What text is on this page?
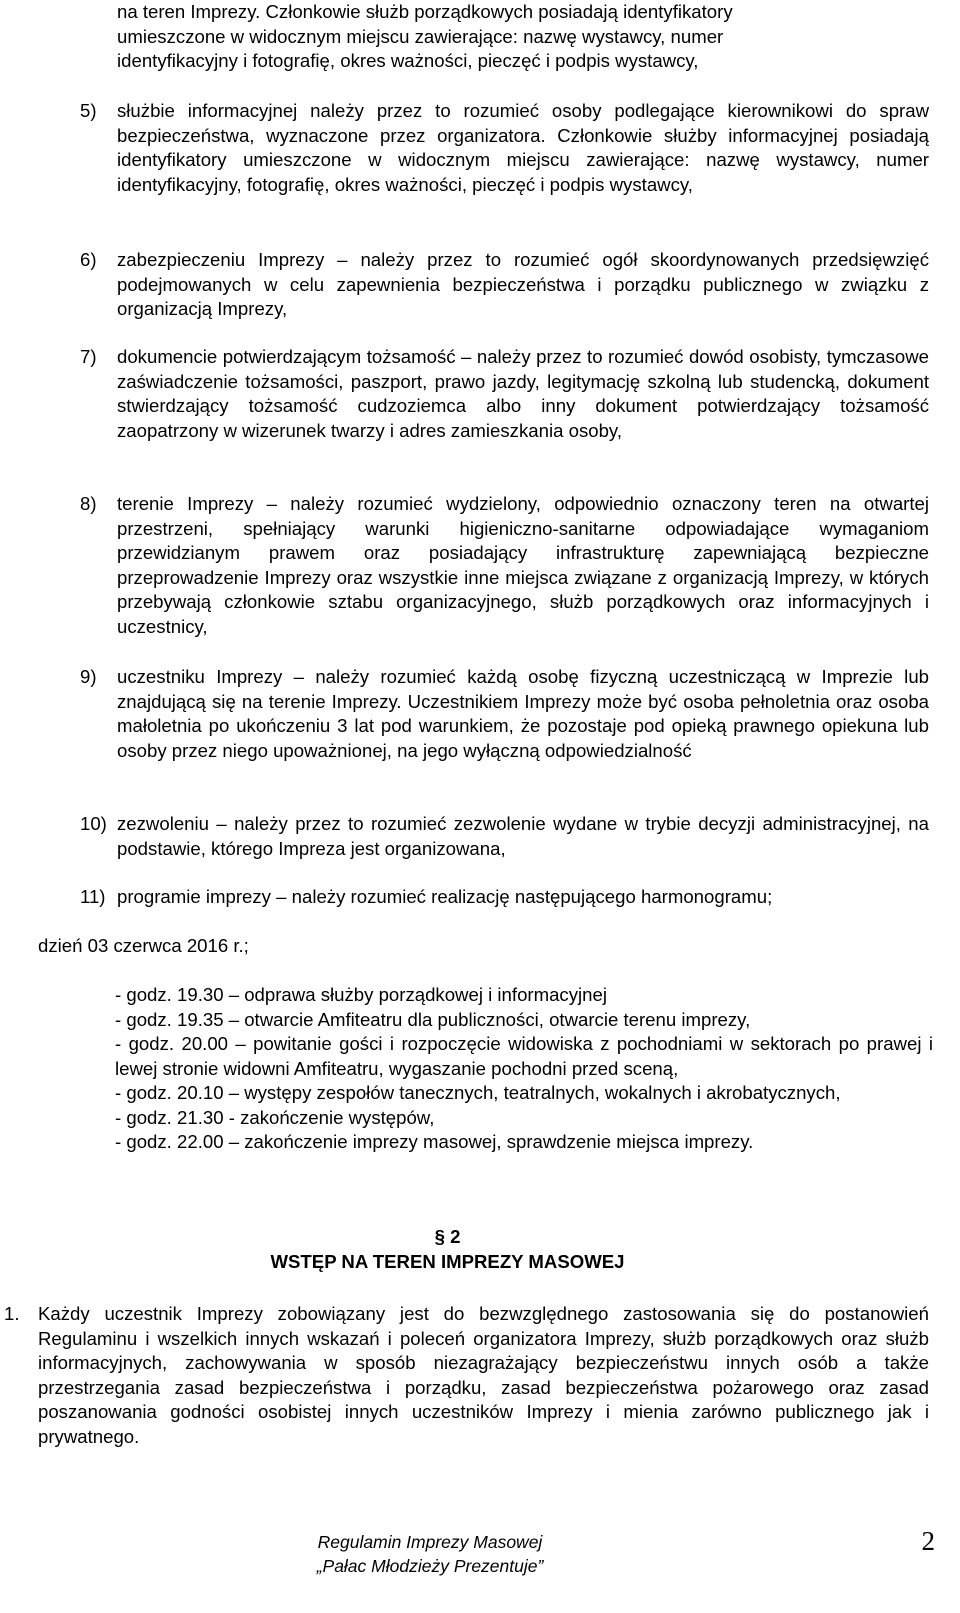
na teren Imprezy. Członkowie służb porządkowych posiadają identyfikatory
umieszczone w widocznym miejscu zawierające: nazwę wystawcy, numer
identyfikacyjny i fotografię, okres ważności, pieczęć i podpis wystawcy,
5) służbie informacyjnej należy przez to rozumieć osoby podlegające kierownikowi do spraw bezpieczeństwa, wyznaczone przez organizatora. Członkowie służby informacyjnej posiadają identyfikatory umieszczone w widocznym miejscu zawierające: nazwę wystawcy, numer identyfikacyjny, fotografię, okres ważności, pieczęć i podpis wystawcy,

6) zabezpieczeniu Imprezy – należy przez to rozumieć ogół skoordynowanych przedsięwzięć podejmowanych w celu zapewnienia bezpieczeństwa i porządku publicznego w związku z organizacją Imprezy,

7) dokumencie potwierdzającym tożsamość – należy przez to rozumieć dowód osobisty, tymczasowe zaświadczenie tożsamości, paszport, prawo jazdy, legitymację szkolną lub studencką, dokument stwierdzający tożsamość cudzoziemca albo inny dokument potwierdzający tożsamość zaopatrzony w wizerunek twarzy i adres zamieszkania osoby,

8) terenie Imprezy – należy rozumieć wydzielony, odpowiednio oznaczony teren na otwartej przestrzeni, spełniający warunki higieniczno-sanitarne odpowiadające wymaganiom przewidzianym prawem oraz posiadający infrastrukturę zapewniającą bezpieczne przeprowadzenie Imprezy oraz wszystkie inne miejsca związane z organizacją Imprezy, w których przebywają członkowie sztabu organizacyjnego, służb porządkowych oraz informacyjnych i uczestnicy,

9) uczestniku Imprezy – należy rozumieć każdą osobę fizyczną uczestniczącą w Imprezie lub znajdującą się na terenie Imprezy. Uczestnikiem Imprezy może być osoba pełnoletnia oraz osoba małoletnia po ukończeniu 3 lat pod warunkiem, że pozostaje pod opieką prawnego opiekuna lub osoby przez niego upoważnionej, na jego wyłączną odpowiedzialność

10) zezwoleniu – należy przez to rozumieć zezwolenie wydane w trybie decyzji administracyjnej, na podstawie, którego Impreza jest organizowana,

11) programie imprezy – należy rozumieć realizację następującego harmonogramu;

dzień 03 czerwca 2016 r.;
- godz. 19.30 – odprawa służby porządkowej i informacyjnej
- godz. 19.35 – otwarcie Amfiteatru dla publiczności, otwarcie terenu imprezy,
- godz. 20.00 – powitanie gości i rozpoczęcie widowiska z pochodniami w sektorach po prawej i lewej stronie widowni Amfiteatru, wygaszanie pochodni przed sceną,
- godz. 20.10 – występy zespołów tanecznych, teatralnych, wokalnych i akrobatycznych,
- godz. 21.30 - zakończenie występów,
- godz. 22.00 – zakończenie imprezy masowej, sprawdzenie miejsca imprezy.
§ 2
WSTĘP NA TEREN IMPREZY MASOWEJ
1. Każdy uczestnik Imprezy zobowiązany jest do bezwzględnego zastosowania się do postanowień Regulaminu i wszelkich innych wskazań i poleceń organizatora Imprezy, służb porządkowych oraz służb informacyjnych, zachowywania w sposób niezagrażający bezpieczeństwu innych osób a także przestrzegania zasad bezpieczeństwa i porządku, zasad bezpieczeństwa pożarowego oraz zasad poszanowania godności osobistej innych uczestników Imprezy i mienia zarówno publicznego jak i prywatnego.

Regulamin Imprezy Masowej
„Pałac Młodzieży Prezentuje”
2
